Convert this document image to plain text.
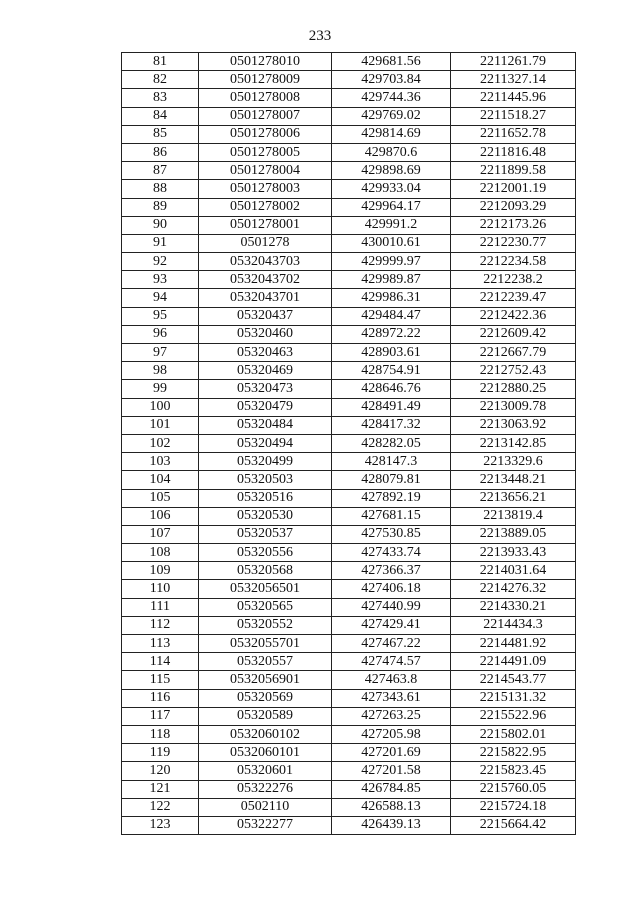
233
81	0501278010	429681.56	2211261.79
82	0501278009	429703.84	2211327.14
83	0501278008	429744.36	2211445.96
84	0501278007	429769.02	2211518.27
85	0501278006	429814.69	2211652.78
86	0501278005	429870.6	2211816.48
87	0501278004	429898.69	2211899.58
88	0501278003	429933.04	2212001.19
89	0501278002	429964.17	2212093.29
90	0501278001	429991.2	2212173.26
91	0501278	430010.61	2212230.77
92	0532043703	429999.97	2212234.58
93	0532043702	429989.87	2212238.2
94	0532043701	429986.31	2212239.47
95	05320437	429484.47	2212422.36
96	05320460	428972.22	2212609.42
97	05320463	428903.61	2212667.79
98	05320469	428754.91	2212752.43
99	05320473	428646.76	2212880.25
100	05320479	428491.49	2213009.78
101	05320484	428417.32	2213063.92
102	05320494	428282.05	2213142.85
103	05320499	428147.3	2213329.6
104	05320503	428079.81	2213448.21
105	05320516	427892.19	2213656.21
106	05320530	427681.15	2213819.4
107	05320537	427530.85	2213889.05
108	05320556	427433.74	2213933.43
109	05320568	427366.37	2214031.64
110	0532056501	427406.18	2214276.32
111	05320565	427440.99	2214330.21
112	05320552	427429.41	2214434.3
113	0532055701	427467.22	2214481.92
114	05320557	427474.57	2214491.09
115	0532056901	427463.8	2214543.77
116	05320569	427343.61	2215131.32
117	05320589	427263.25	2215522.96
118	0532060102	427205.98	2215802.01
119	0532060101	427201.69	2215822.95
120	05320601	427201.58	2215823.45
121	05322276	426784.85	2215760.05
122	0502110	426588.13	2215724.18
123	05322277	426439.13	2215664.42
